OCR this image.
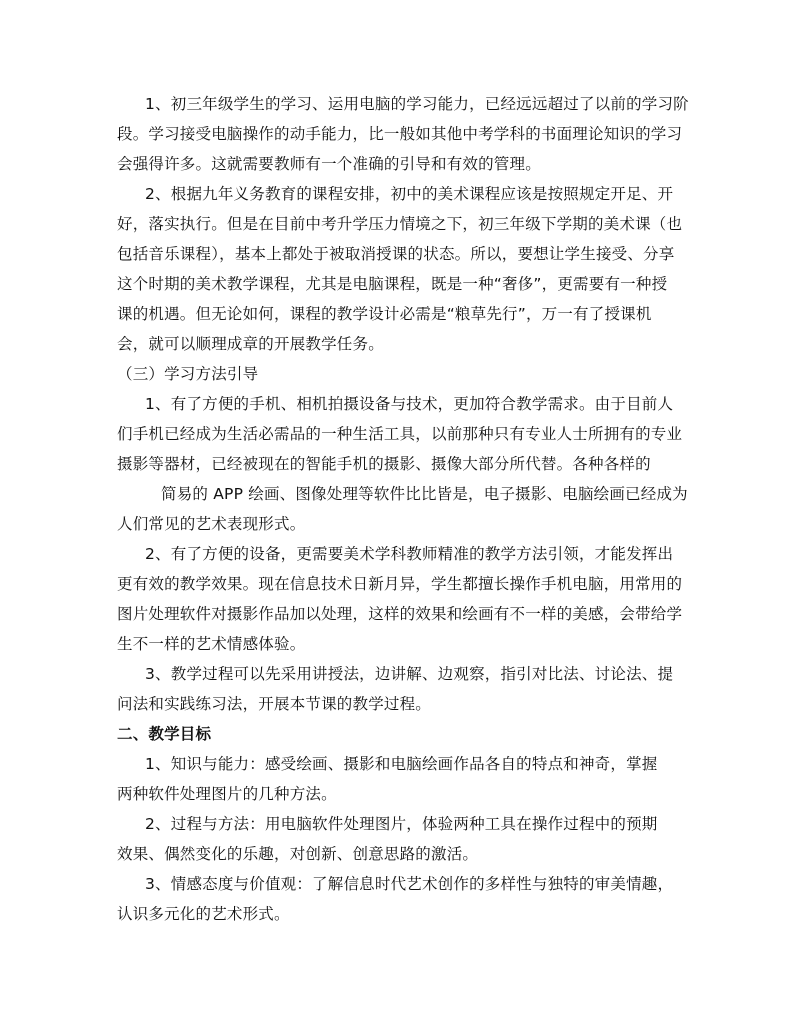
1、初三年级学生的学习、运用电脑的学习能力，已经远远超过了以前的学习阶
段。学习接受电脑操作的动手能力，比一般如其他中考学科的书面理论知识的学习
会强得许多。这就需要教师有一个准确的引导和有效的管理。
2、根据九年义务教育的课程安排，初中的美术课程应该是按照规定开足、开
好，落实执行。但是在目前中考升学压力情境之下，初三年级下学期的美术课（也
包括音乐课程），基本上都处于被取消授课的状态。所以，要想让学生接受、分享
这个时期的美术教学课程，尤其是电脑课程，既是一种“奢侈”，更需要有一种授
课的机遇。但无论如何，课程的教学设计必需是“粮草先行”，万一有了授课机
会，就可以顺理成章的开展教学任务。
（三）学习方法引导
1、有了方便的手机、相机拍摄设备与技术，更加符合教学需求。由于目前人
们手机已经成为生活必需品的一种生活工具，以前那种只有专业人士所拥有的专业
摄影等器材，已经被现在的智能手机的摄影、摄像大部分所代替。各种各样的
简易的 APP 绘画、图像处理等软件比比皆是，电子摄影、电脑绘画已经成为
人们常见的艺术表现形式。
2、有了方便的设备，更需要美术学科教师精准的教学方法引领，才能发挥出
更有效的教学效果。现在信息技术日新月异，学生都擅长操作手机电脑，用常用的
图片处理软件对摄影作品加以处理，这样的效果和绘画有不一样的美感，会带给学
生不一样的艺术情感体验。
3、教学过程可以先采用讲授法，边讲解、边观察，指引对比法、讨论法、提
问法和实践练习法，开展本节课的教学过程。
二、教学目标
1、知识与能力：感受绘画、摄影和电脑绘画作品各自的特点和神奇，掌握
两种软件处理图片的几种方法。
2、过程与方法：用电脑软件处理图片，体验两种工具在操作过程中的预期
效果、偶然变化的乐趣，对创新、创意思路的激活。
3、情感态度与价值观：了解信息时代艺术创作的多样性与独特的审美情趣，
认识多元化的艺术形式。
